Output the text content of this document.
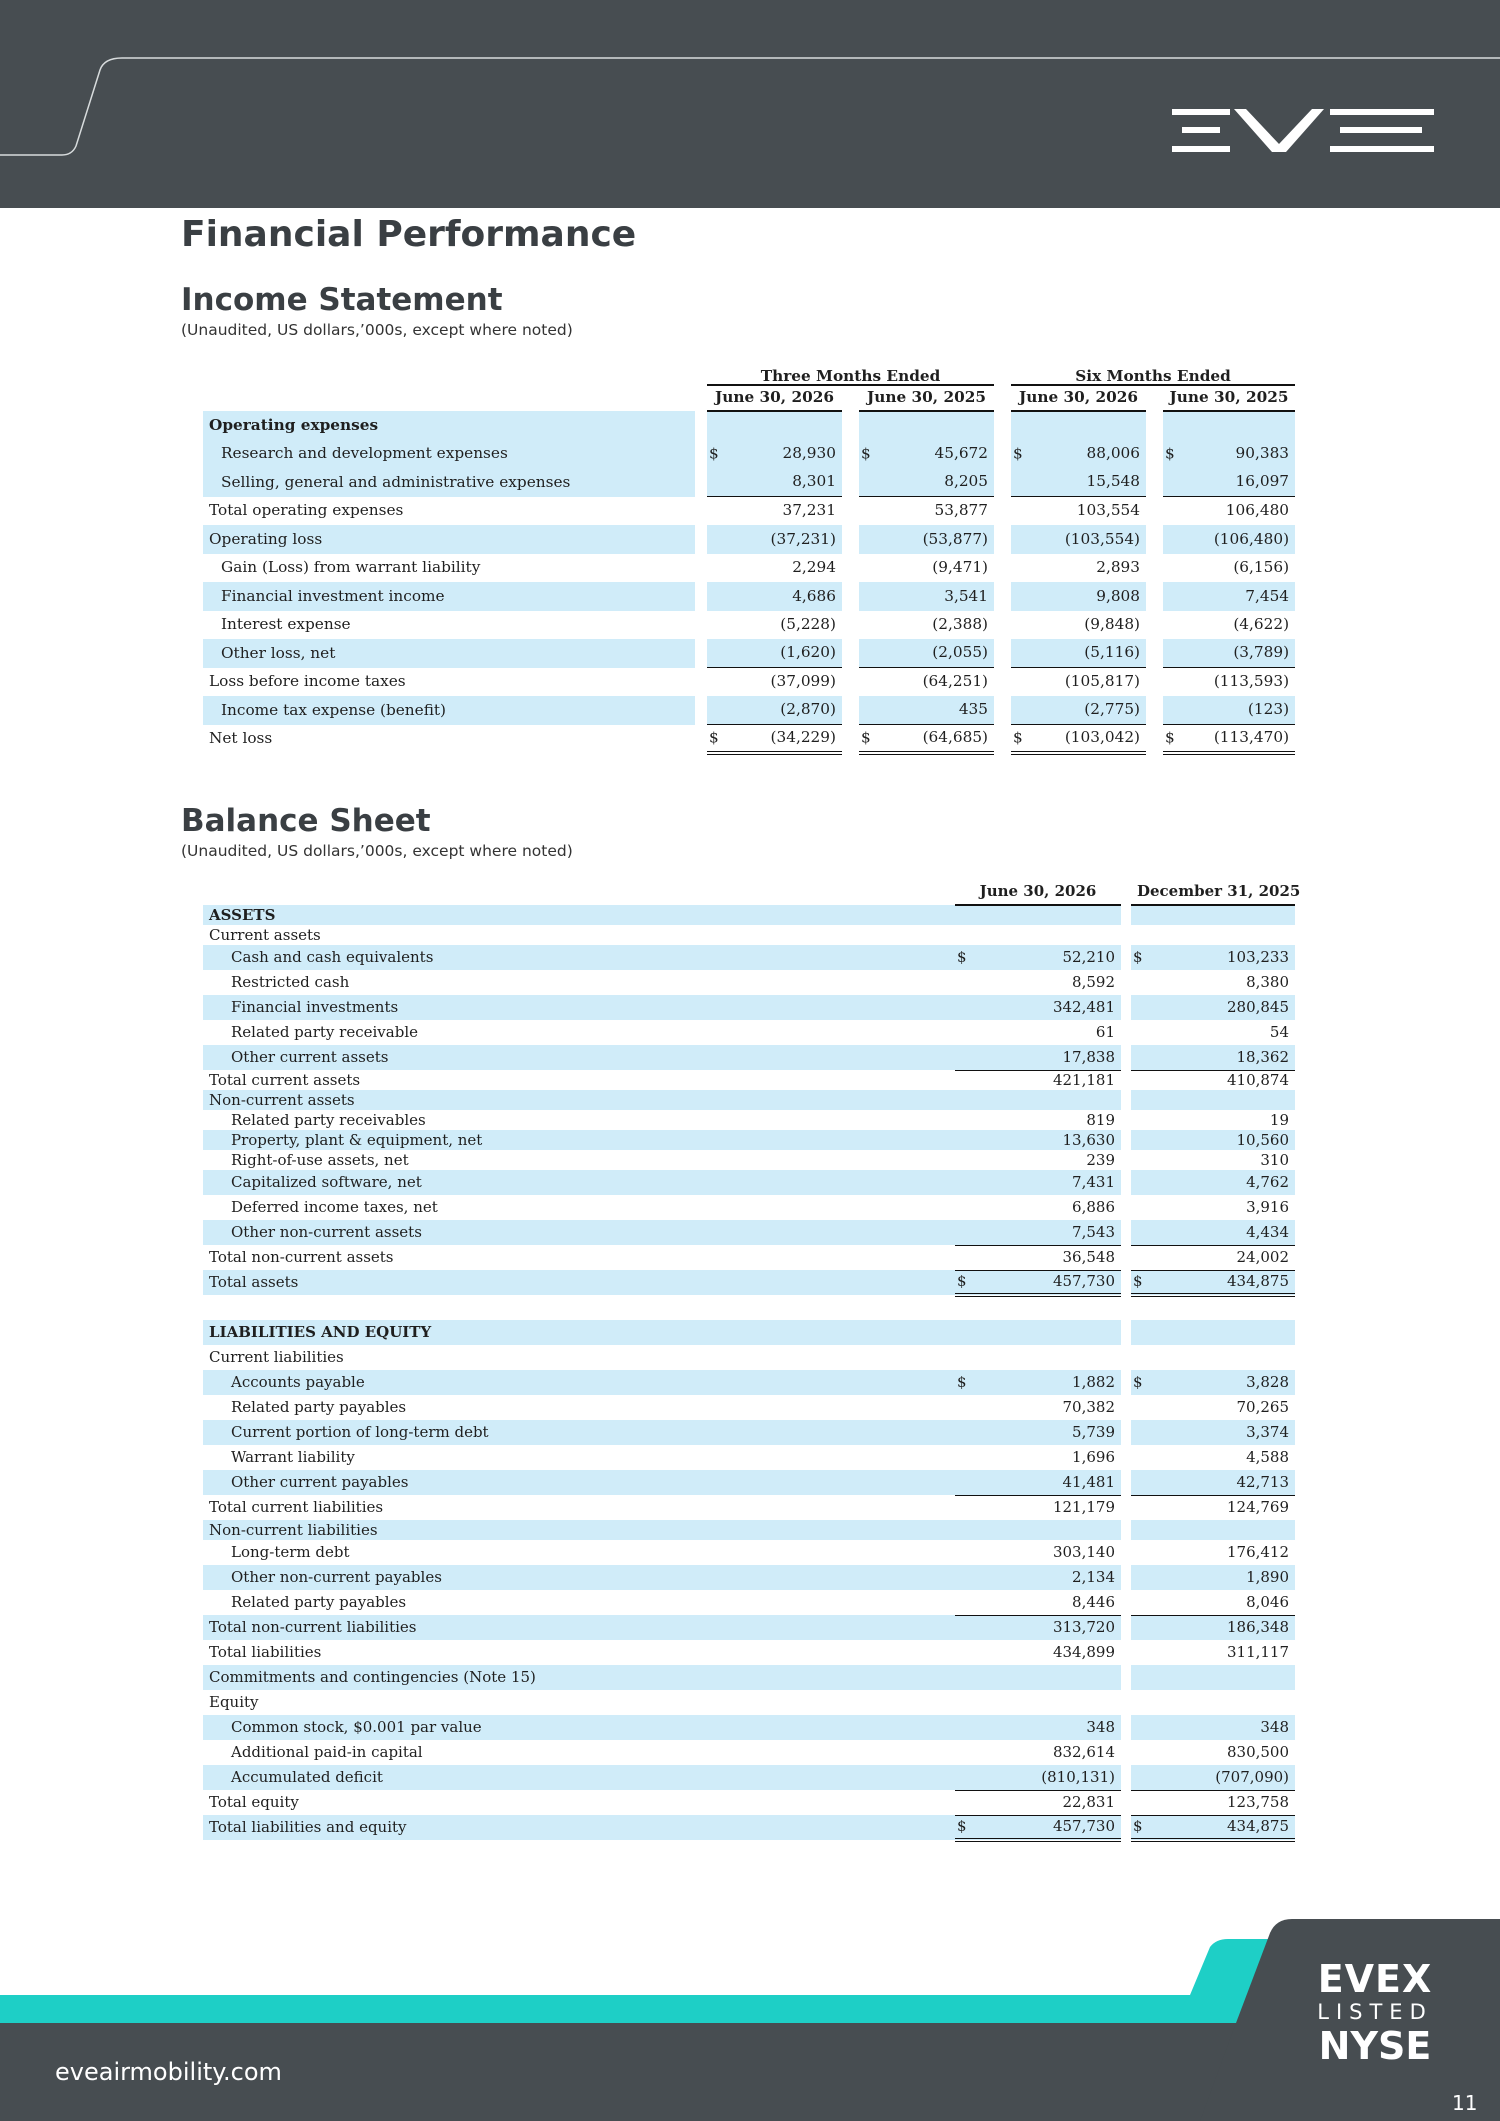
Financial Performance
Income Statement
(Unaudited, US dollars,’000s, except where noted)
		Three Months Ended				Six Months Ended		
		June 30, 2026		June 30, 2025		June 30, 2026		June 30, 2025
Operating expenses		

Research and development expenses		$ 28,930		$ 45,672		$ 88,006		$ 90,383
Selling, general and administrative expenses		8,301		8,205		15,548		16,097
Total operating expenses		37,231		53,877		103,554		106,480
Operating loss		(37,231)		(53,877)		(103,554)		(106,480)
Gain (Loss) from warrant liability		2,294		(9,471)		2,893		(6,156)
Financial investment income		4,686		3,541		9,808		7,454
Interest expense		(5,228)		(2,388)		(9,848)		(4,622)
Other loss, net		(1,620)		(2,055)		(5,116)		(3,789)
Loss before income taxes		(37,099)		(64,251)		(105,817)		(113,593)
Income tax expense (benefit)		(2,870)		435		(2,775)		(123)
Net loss		$ (34,229)		$ (64,685)		$ (103,042)		$ (113,470)
Balance Sheet
(Unaudited, US dollars,’000s, except where noted)
	June 30, 2026			December 31, 2025	
ASSETS					
Current assets					
Cash and cash equivalents	$	52,210		$	103,233
Restricted cash		8,592			8,380
Financial investments		342,481			280,845
Related party receivable		61			54
Other current assets		17,838			18,362
Total current assets		421,181			410,874
Non-current assets					
Related party receivables		819			19
Property, plant & equipment, net		13,630			10,560
Right-of-use assets, net		239			310
Capitalized software, net		7,431			4,762
Deferred income taxes, net		6,886			3,916
Other non-current assets		7,543			4,434
Total non-current assets		36,548			24,002
Total assets	$	457,730		$	434,875

LIABILITIES AND EQUITY					
Current liabilities					
Accounts payable	$	1,882		$	3,828
Related party payables		70,382			70,265
Current portion of long-term debt		5,739			3,374
Warrant liability		1,696			4,588
Other current payables		41,481			42,713
Total current liabilities		121,179			124,769
Non-current liabilities					
Long-term debt		303,140			176,412
Other non-current payables		2,134			1,890
Related party payables		8,446			8,046
Total non-current liabilities		313,720			186,348
Total liabilities		434,899			311,117
Commitments and contingencies (Note 15)					
Equity					
Common stock, $0.001 par value		348			348
Additional paid-in capital		832,614			830,500
Accumulated deficit		(810,131)			(707,090)
Total equity		22,831			123,758
Total liabilities and equity	$	457,730		$	434,875
eveairmobility.com
EVEX
LISTED
NYSE
11
